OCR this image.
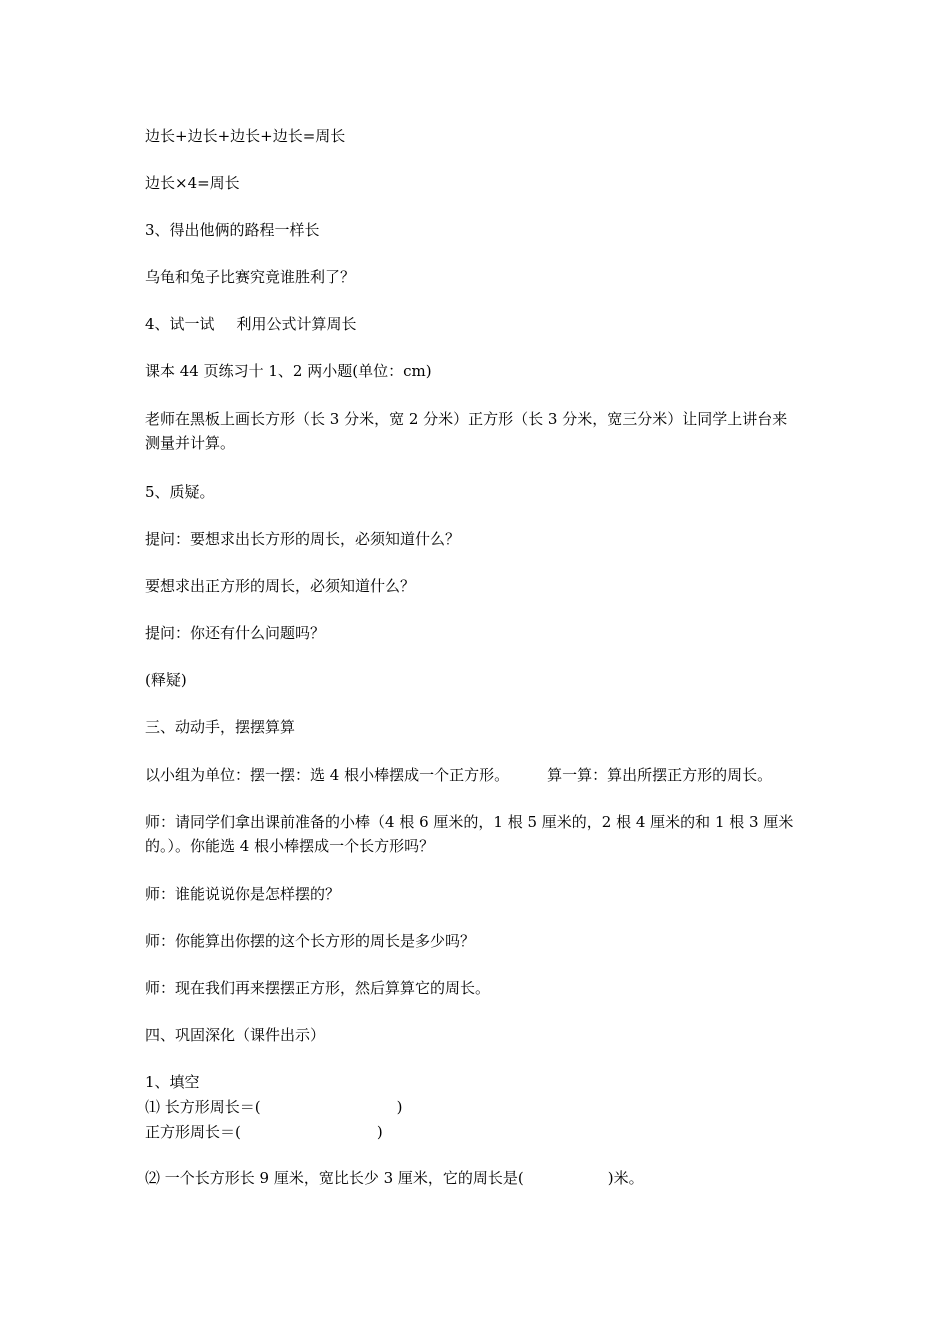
边长+边长+边长+边长=周长
边长×4=周长
3、得出他俩的路程一样长
乌龟和兔子比赛究竟谁胜利了？
4、试一试 利用公式计算周长
课本 44 页练习十 1、2 两小题(单位：cm)
老师在黑板上画长方形（长 3 分米，宽 2 分米）正方形（长 3 分米，宽三分米）让同学上讲台来
测量并计算。
5、质疑。
提问：要想求出长方形的周长，必须知道什么？
要想求出正方形的周长，必须知道什么？
提问：你还有什么问题吗？
(释疑)
三、动动手，摆摆算算
以小组为单位：摆一摆：选 4 根小棒摆成一个正方形。	算一算：算出所摆正方形的周长。
师：请同学们拿出课前准备的小棒（4 根 6 厘米的，1 根 5 厘米的，2 根 4 厘米的和 1 根 3 厘米
的。）。你能选 4 根小棒摆成一个长方形吗？
师：谁能说说你是怎样摆的？
师：你能算出你摆的这个长方形的周长是多少吗？
师：现在我们再来摆摆正方形，然后算算它的周长。
四、巩固深化（课件出示）
1、填空
⑴ 长方形周长＝(	)
正方形周长＝(	)
⑵ 一个长方形长 9 厘米，宽比长少 3 厘米，它的周长是(	)米。
